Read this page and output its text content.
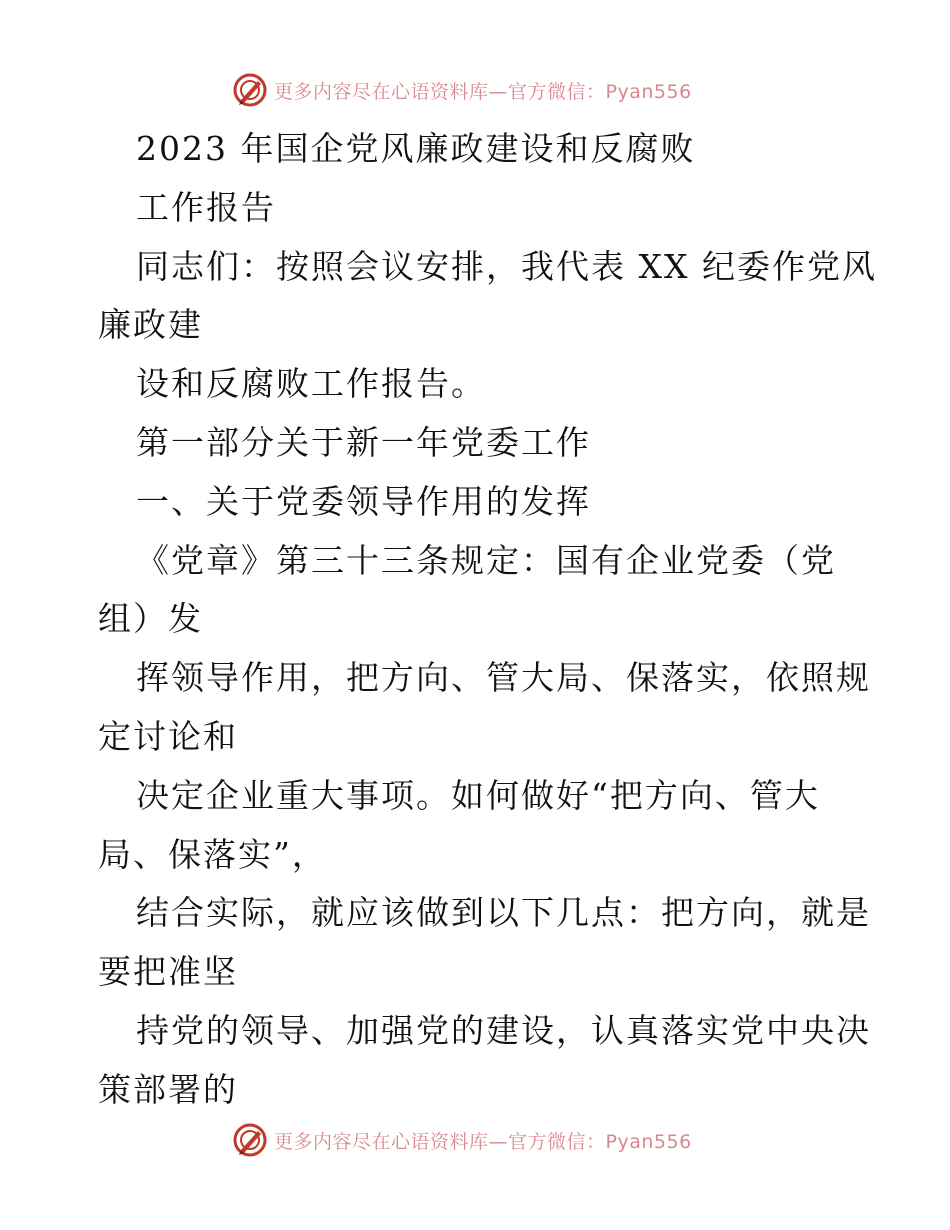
更多内容尽在心语资料库—官方微信：Pyan556
2023 年国企党风廉政建设和反腐败
工作报告
同志们：按照会议安排，我代表 XX 纪委作党风
廉政建
设和反腐败工作报告。
第一部分关于新一年党委工作
一、关于党委领导作用的发挥
《党章》第三十三条规定：国有企业党委（党
组）发
挥领导作用，把方向、管大局、保落实，依照规
定讨论和
决定企业重大事项。如何做好“把方向、管大
局、保落实”，
结合实际，就应该做到以下几点：把方向，就是
要把准坚
持党的领导、加强党的建设，认真落实党中央决
策部署的
更多内容尽在心语资料库—官方微信：Pyan556
